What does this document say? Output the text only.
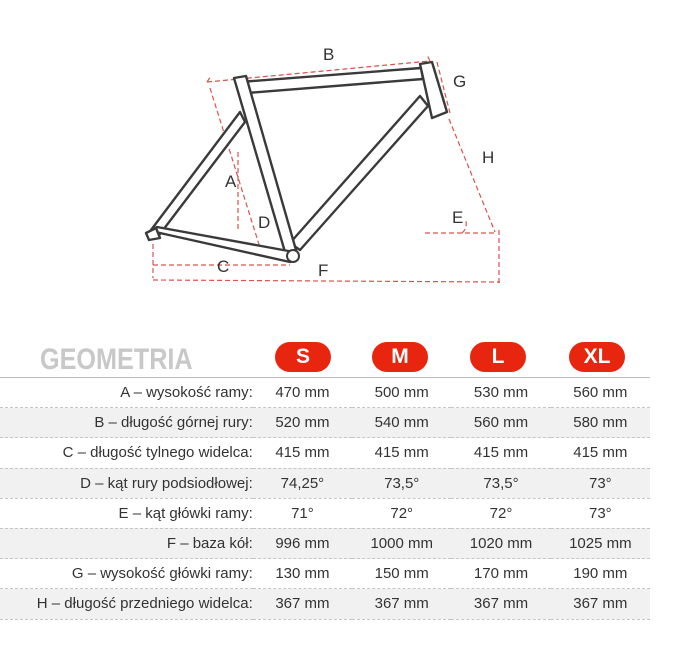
B
A
D
C	F
G
H
E
GEOMETRIA	S	M	L	XL
A – wysokość ramy:	470 mm	500 mm	530 mm	560 mm
B – długość górnej rury:	520 mm	540 mm	560 mm	580 mm
C – długość tylnego widelca:	415 mm	415 mm	415 mm	415 mm
D – kąt rury podsiodłowej:	74,25°	73,5°	73,5°	73°
E – kąt główki ramy:	71°	72°	72°	73°
F – baza kół:	996 mm	1000 mm	1020 mm	1025 mm
G – wysokość główki ramy:	130 mm	150 mm	170 mm	190 mm
H – długość przedniego widelca:	367 mm	367 mm	367 mm	367 mm
